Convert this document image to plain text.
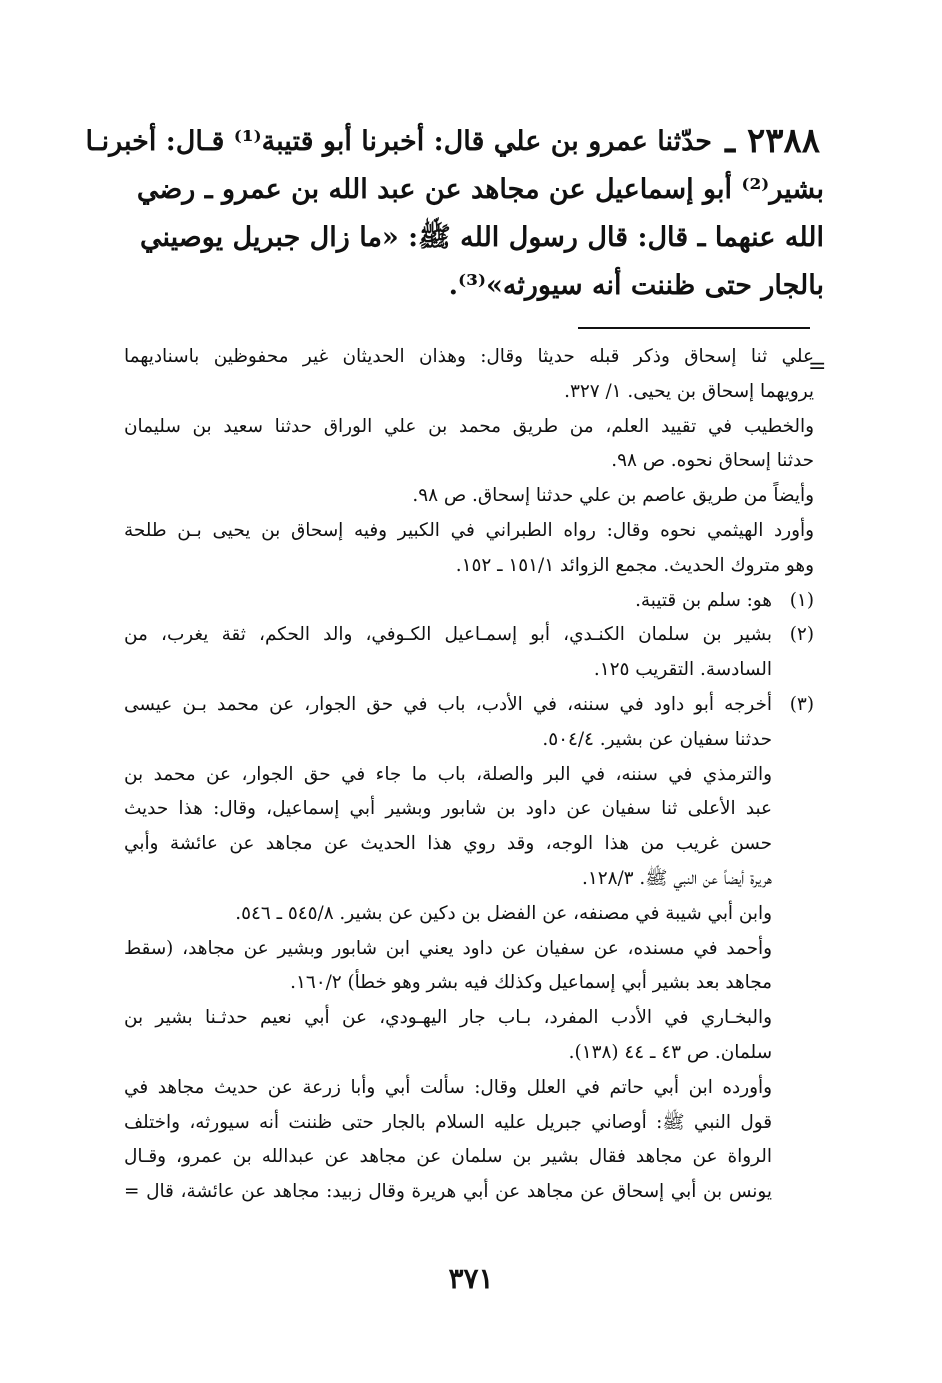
٢٣٨٨ ـ
حدّثنا عمرو بن علي قال: أخبرنا أبو قتيبة⁽¹⁾ قـال: أخبرنـا
بشير⁽²⁾ أبو إسماعيل عن مجاهد عن عبد الله بن عمرو ـ رضي
الله عنهما ـ قال: قال رسول الله ﷺ: «ما زال جبريل يوصيني
بالجار حتى ظننت أنه سيورثه»⁽³⁾.
=
علي ثنا إسحاق وذكر قبله حديثا وقال: وهذان الحديثان غير محفوظين باسناديهما
يرويهما إسحاق بن يحيى. ١/ ٣٢٧.
والخطيب في تقييد العلم، من طريق محمد بن علي الوراق حدثنا سعيد بن سليمان
حدثنا إسحاق نحوه. ص ٩٨.
وأيضاً من طريق عاصم بن علي حدثنا إسحاق. ص ٩٨.
وأورد الهيثمي نحوه وقال: رواه الطبراني في الكبير وفيه إسحاق بن يحيى بـن طلحة
وهو متروك الحديث. مجمع الزوائد ١٥١/١ ـ ١٥٢.
(١)هو: سلم بن قتيبة.
(٢)بشير بن سلمان الكنـدي، أبو إسمـاعيل الكـوفي، والد الحكم، ثقة يغرب، من
السادسة. التقريب ١٢٥.
(٣)أخرجه أبو داود في سننه، في الأدب، باب في حق الجوار، عن محمد بـن عيسى
حدثنا سفيان عن بشير. ٥٠٤/٤.
والترمذي في سننه، في البر والصلة، باب ما جاء في حق الجوار، عن محمد بن
عبد الأعلى ثنا سفيان عن داود بن شابور وبشير أبي إسماعيل، وقال: هذا حديث
حسن غريب من هذا الوجه، وقد روي هذا الحديث عن مجاهد عن عائشة وأبي
هريرة أيضاً عن النبي ﷺ. ١٢٨/٣.
وابن أبي شيبة في مصنفه، عن الفضل بن دكين عن بشير. ٥٤٥/٨ ـ ٥٤٦.
وأحمد في مسنده، عن سفيان عن داود يعني ابن شابور وبشير عن مجاهد، (سقط
مجاهد بعد بشير أبي إسماعيل وكذلك فيه بشر وهو خطأ) ١٦٠/٢.
والبخـاري في الأدب المفرد، بـاب جار اليهـودي، عن أبي نعيم حدثـنا بشير بن
سلمان. ص ٤٣ ـ ٤٤ (١٣٨).
وأورده ابن أبي حاتم في العلل وقال: سألت أبي وأبا زرعة عن حديث مجاهد في
قول النبي ﷺ: أوصاني جبريل عليه السلام بالجار حتى ظننت أنه سيورثه، واختلف
الرواة عن مجاهد فقال بشير بن سلمان عن مجاهد عن عبدالله بن عمرو، وقـال
يونس بن أبي إسحاق عن مجاهد عن أبي هريرة وقال زبيد: مجاهد عن عائشة، قال =
٣٧١
